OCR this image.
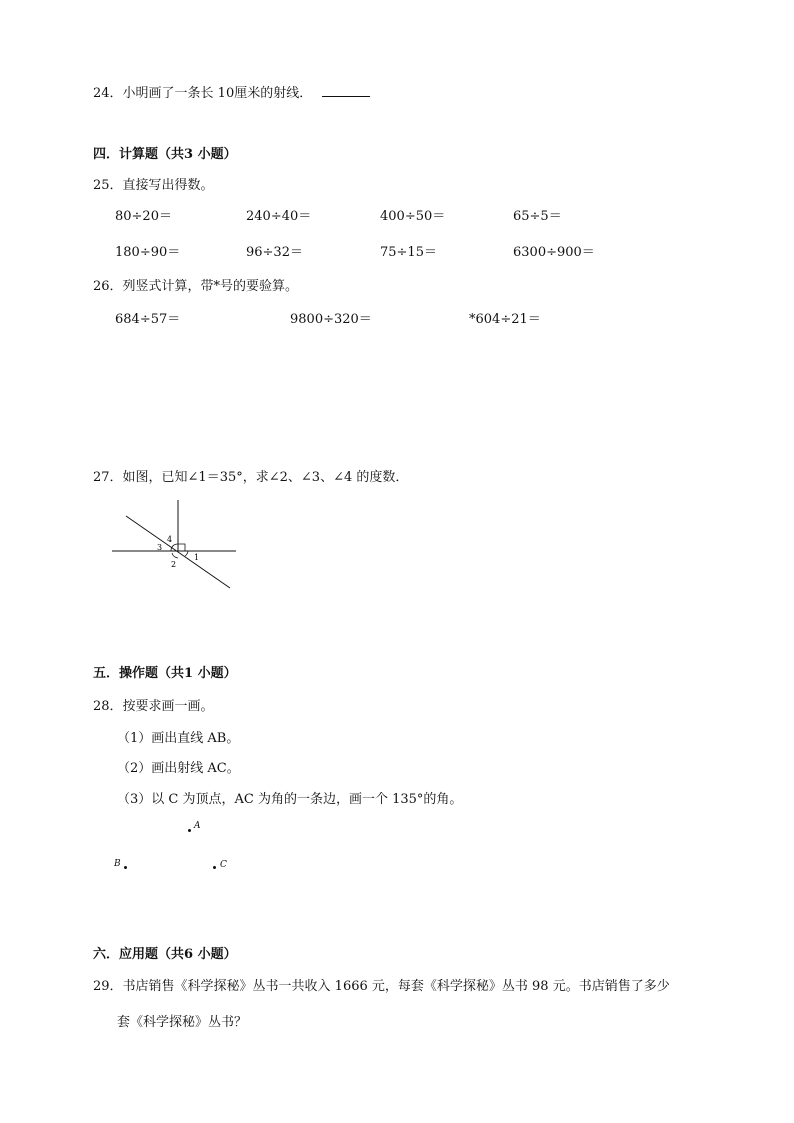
24．小明画了一条长 10厘米的射线．
四．计算题（共3 小题）
25．直接写出得数。
80÷20＝	240÷40＝	400÷50＝	65÷5＝
180÷90＝	96÷32＝	75÷15＝	6300÷900＝
26．列竖式计算，带*号的要验算。
684÷57＝	9800÷320＝	*604÷21＝
27．如图，已知∠1＝35°，求∠2、∠3、∠4 的度数．
1
2
3
4
五．操作题（共1 小题）
28．按要求画一画。
（1）画出直线 AB。
（2）画出射线 AC。
（3）以 C 为顶点，AC 为角的一条边，画一个 135°的角。
A
B	C
六．应用题（共6 小题）
29．书店销售《科学探秘》丛书一共收入 1666 元，每套《科学探秘》丛书 98 元。书店销售了多少
套《科学探秘》丛书？
